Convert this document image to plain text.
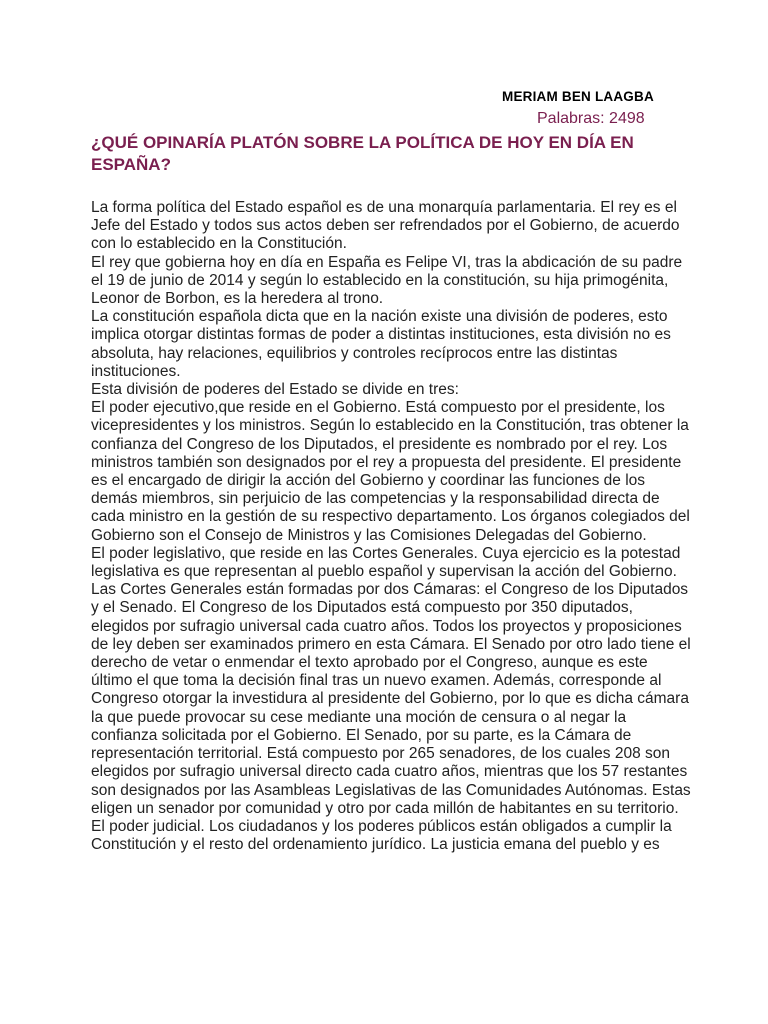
MERIAM BEN LAAGBA
Palabras: 2498
¿QUÉ OPINARÍA PLATÓN SOBRE LA POLÍTICA DE HOY EN DÍA EN ESPAÑA?

La forma política del Estado español es de una monarquía parlamentaria. El rey es el Jefe del Estado y todos sus actos deben ser refrendados por el Gobierno, de acuerdo con lo establecido en la Constitución.

El rey que gobierna hoy en día en España es Felipe VI, tras la abdicación de su padre el 19 de junio de 2014 y según lo establecido en la constitución, su hija primogénita, Leonor de Borbon, es la heredera al trono.

La constitución española dicta que en la nación existe una división de poderes, esto implica otorgar distintas formas de poder a distintas instituciones, esta división no es absoluta, hay relaciones, equilibrios y controles recíprocos entre las distintas instituciones.

Esta división de poderes del Estado se divide en tres:

El poder ejecutivo,que reside en el Gobierno. Está compuesto por el presidente, los vicepresidentes y los ministros. Según lo establecido en la Constitución, tras obtener la confianza del Congreso de los Diputados, el presidente es nombrado por el rey. Los ministros también son designados por el rey a propuesta del presidente. El presidente es el encargado de dirigir la acción del Gobierno y coordinar las funciones de los demás miembros, sin perjuicio de las competencias y la responsabilidad directa de cada ministro en la gestión de su respectivo departamento. Los órganos colegiados del Gobierno son el Consejo de Ministros y las Comisiones Delegadas del Gobierno.

El poder legislativo, que reside en las Cortes Generales. Cuya ejercicio es la potestad legislativa es que representan al pueblo español y supervisan la acción del Gobierno. Las Cortes Generales están formadas por dos Cámaras: el Congreso de los Diputados y el Senado. El Congreso de los Diputados está compuesto por 350 diputados, elegidos por sufragio universal cada cuatro años. Todos los proyectos y proposiciones de ley deben ser examinados primero en esta Cámara. El Senado por otro lado tiene el derecho de vetar o enmendar el texto aprobado por el Congreso, aunque es este último el que toma la decisión final tras un nuevo examen. Además, corresponde al Congreso otorgar la investidura al presidente del Gobierno, por lo que es dicha cámara la que puede provocar su cese mediante una moción de censura o al negar la confianza solicitada por el Gobierno. El Senado, por su parte, es la Cámara de representación territorial. Está compuesto por 265 senadores, de los cuales 208 son elegidos por sufragio universal directo cada cuatro años, mientras que los 57 restantes son designados por las Asambleas Legislativas de las Comunidades Autónomas. Estas eligen un senador por comunidad y otro por cada millón de habitantes en su territorio.

El poder judicial. Los ciudadanos y los poderes públicos están obligados a cumplir la Constitución y el resto del ordenamiento jurídico. La justicia emana del pueblo y es
